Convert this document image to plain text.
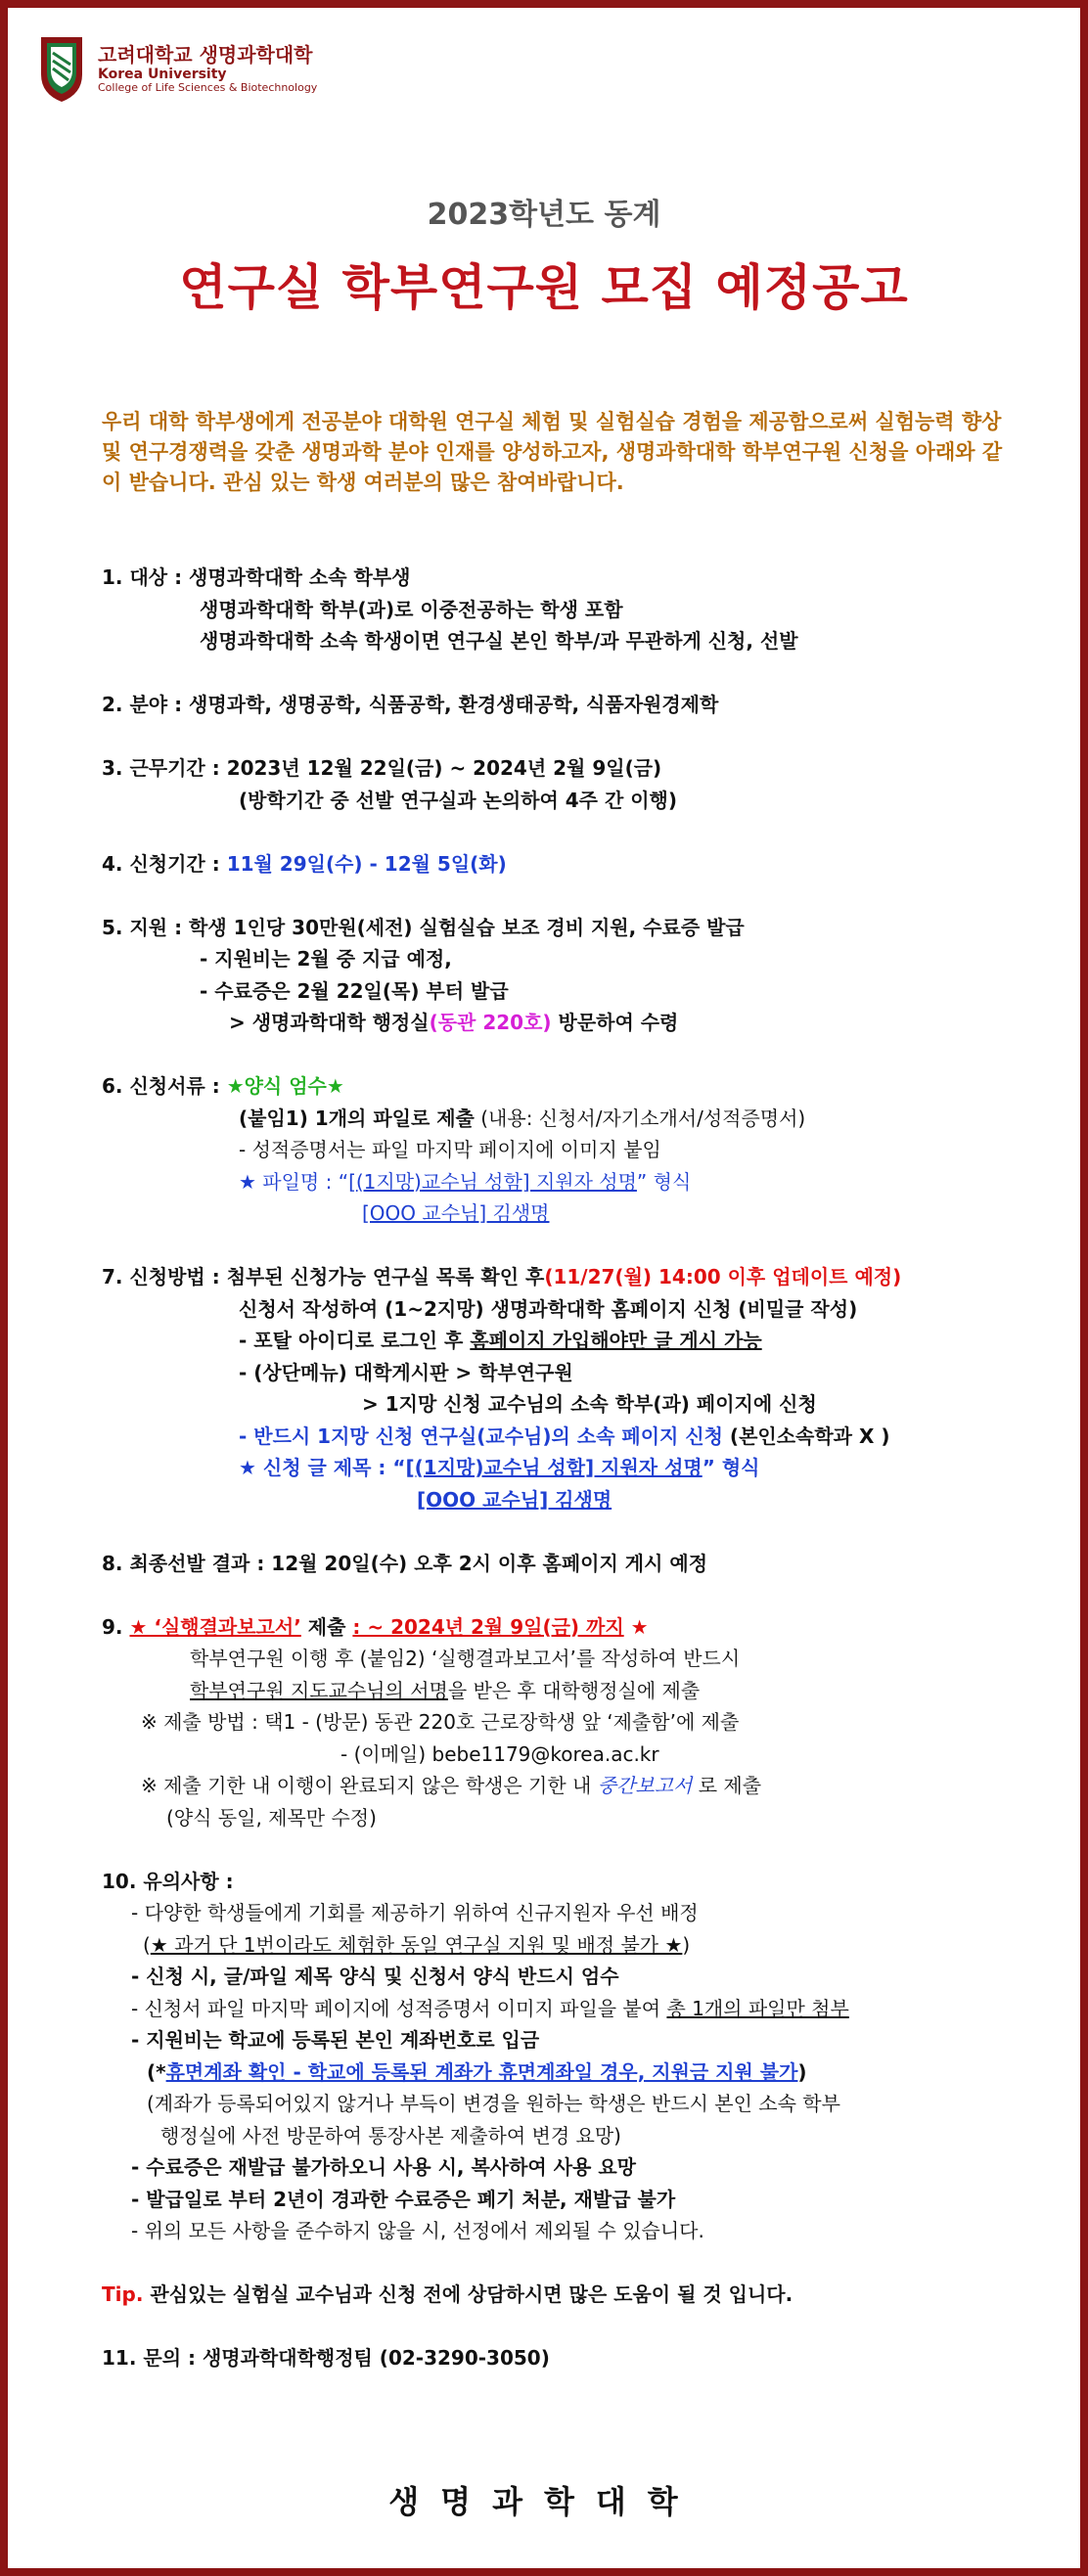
고려대학교 생명과학대학
Korea University
College of Life Sciences & Biotechnology
2023학년도 동계
연구실 학부연구원 모집 예정공고
우리 대학 학부생에게 전공분야 대학원 연구실 체험 및 실험실습 경험을 제공함으로써 실험능력 향상 및 연구경쟁력을 갖춘 생명과학 분야 인재를 양성하고자, 생명과학대학 학부연구원 신청을 아래와 같이 받습니다. 관심 있는 학생 여러분의 많은 참여바랍니다.

1. 대상 : 생명과학대학 소속 학부생

생명과학대학 학부(과)로 이중전공하는 학생 포함

생명과학대학 소속 학생이면 연구실 본인 학부/과 무관하게 신청, 선발

2. 분야 : 생명과학, 생명공학, 식품공학, 환경생태공학, 식품자원경제학

3. 근무기간 : 2023년 12월 22일(금) ~ 2024년 2월 9일(금)

(방학기간 중 선발 연구실과 논의하여 4주 간 이행)

4. 신청기간 : 11월 29일(수) - 12월 5일(화)

5. 지원 : 학생 1인당 30만원(세전) 실험실습 보조 경비 지원, 수료증 발급

- 지원비는 2월 중 지급 예정,

- 수료증은 2월 22일(목) 부터 발급

> 생명과학대학 행정실(동관 220호) 방문하여 수령

6. 신청서류 : ★양식 엄수★

(붙임1) 1개의 파일로 제출 (내용: 신청서/자기소개서/성적증명서)

- 성적증명서는 파일 마지막 페이지에 이미지 붙임

★ 파일명 : “[(1지망)교수님 성함] 지원자 성명” 형식

[OOO 교수님] 김생명

7. 신청방법 : 첨부된 신청가능 연구실 목록 확인 후(11/27(월) 14:00 이후 업데이트 예정)

신청서 작성하여 (1~2지망) 생명과학대학 홈페이지 신청 (비밀글 작성)

- 포탈 아이디로 로그인 후 홈페이지 가입해야만 글 게시 가능

- (상단메뉴) 대학게시판 > 학부연구원

> 1지망 신청 교수님의 소속 학부(과) 페이지에 신청

- 반드시 1지망 신청 연구실(교수님)의 소속 페이지 신청 (본인소속학과 X )

★ 신청 글 제목 : “[(1지망)교수님 성함] 지원자 성명” 형식

[OOO 교수님] 김생명

8. 최종선발 결과 : 12월 20일(수) 오후 2시 이후 홈페이지 게시 예정

9. ★ ‘실행결과보고서’ 제출 : ~ 2024년 2월 9일(금) 까지 ★

학부연구원 이행 후 (붙임2) ‘실행결과보고서’를 작성하여 반드시

학부연구원 지도교수님의 서명을 받은 후 대학행정실에 제출

※ 제출 방법 : 택1 - (방문) 동관 220호 근로장학생 앞 ‘제출함’에 제출

- (이메일) bebe1179@korea.ac.kr

※ 제출 기한 내 이행이 완료되지 않은 학생은 기한 내 중간보고서 로 제출

(양식 동일, 제목만 수정)

10. 유의사항 :

- 다양한 학생들에게 기회를 제공하기 위하여 신규지원자 우선 배정

(★ 과거 단 1번이라도 체험한 동일 연구실 지원 및 배정 불가 ★)

- 신청 시, 글/파일 제목 양식 및 신청서 양식 반드시 엄수

- 신청서 파일 마지막 페이지에 성적증명서 이미지 파일을 붙여 총 1개의 파일만 첨부

- 지원비는 학교에 등록된 본인 계좌번호로 입금

(*휴면계좌 확인 - 학교에 등록된 계좌가 휴면계좌일 경우, 지원금 지원 불가)

(계좌가 등록되어있지 않거나 부득이 변경을 원하는 학생은 반드시 본인 소속 학부

행정실에 사전 방문하여 통장사본 제출하여 변경 요망)

- 수료증은 재발급 불가하오니 사용 시, 복사하여 사용 요망

- 발급일로 부터 2년이 경과한 수료증은 폐기 처분, 재발급 불가

- 위의 모든 사항을 준수하지 않을 시, 선정에서 제외될 수 있습니다.

Tip. 관심있는 실험실 교수님과 신청 전에 상담하시면 많은 도움이 될 것 입니다.

11. 문의 : 생명과학대학행정팀 (02-3290-3050)

생명과학대학
